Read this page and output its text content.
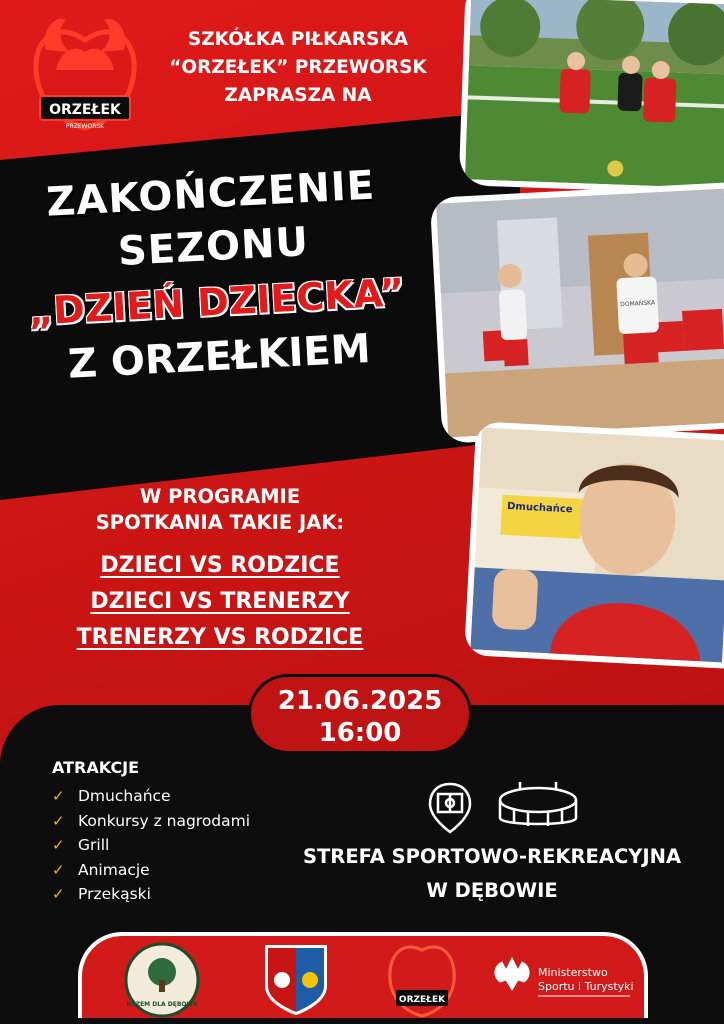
ORZEŁEK
PRZEWORSK
SZKÓŁKA PIŁKARSKA
“ORZEŁEK” PRZEWORSK
ZAPRASZA NA
ZAKOŃCZENIE
SEZONU
„DZIEŃ DZIECKA”
Z ORZEŁKIEM
W PROGRAMIE
SPOTKANIA TAKIE JAK:
DZIECI VS RODZICE
DZIECI VS TRENERZY
TRENERZY VS RODZICE
DOMAŃSKA
Dmuchańce
21.06.2025
16:00
ATRAKCJE
✓ Dmuchańce
✓ Konkursy z nagrodami
✓ Grill
✓ Animacje
✓ Przekąski
STREFA SPORTOWO-REKREACYJNA
W DĘBOWIE
RAZEM DLA DĘBOWA	ORZEŁEK
Ministerstwo
Sportu i Turystyki
